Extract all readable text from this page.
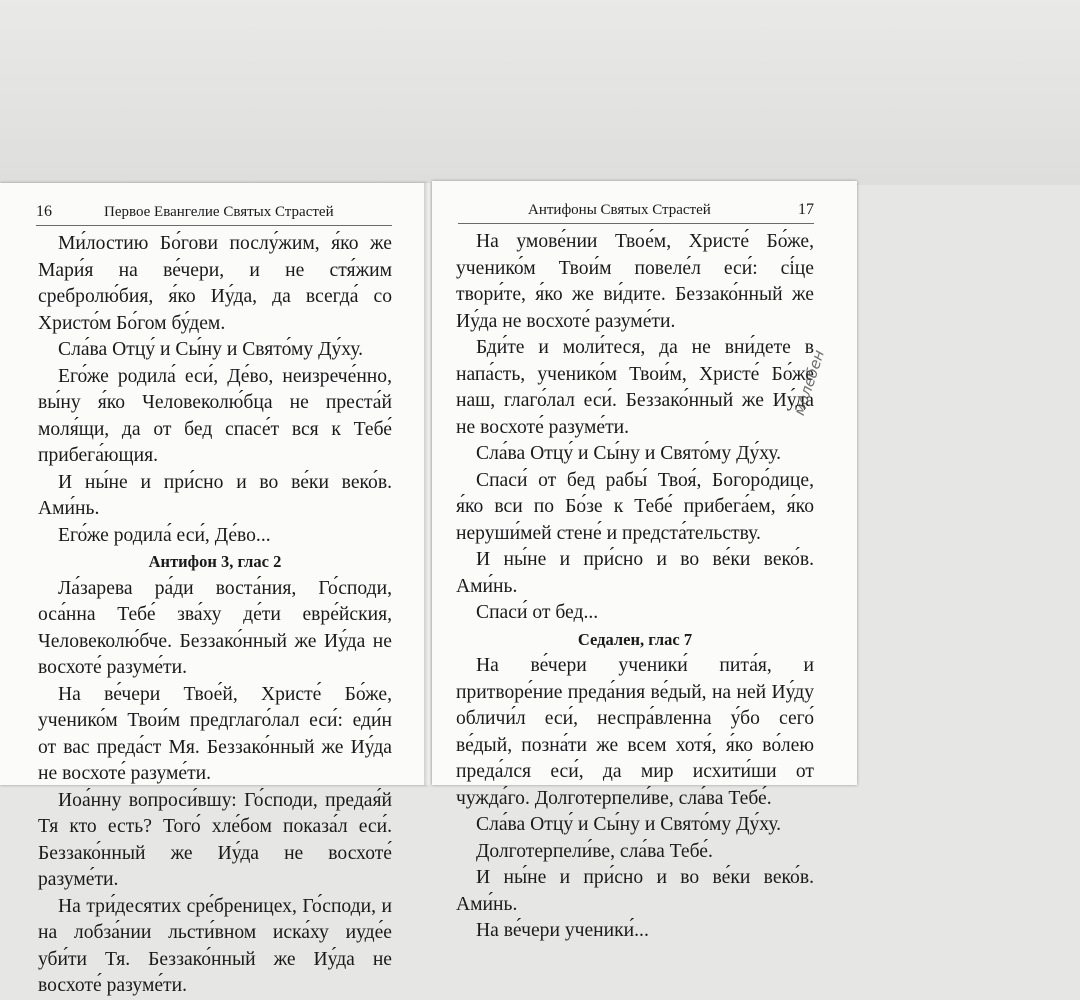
16	Первое Евангелие Святых Страстей

Ми́лостию Бо́гови послу́жим, я́ко же Мари́я на ве́чери, и не стя́жим сребролю́бия, я́ко Иу́да, да всегда́ со Христо́м Бо́гом бу́дем.

Сла́ва Отцу́ и Сы́ну и Свято́му Ду́ху.

Его́же родила́ еси́, Де́во, неизрече́нно, вы́ну я́ко Человеколю́бца не преста́й моля́щи, да от бед спасе́т вся к Тебе́ прибега́ющия.

И ны́не и при́сно и во ве́ки веко́в. Ами́нь.

Его́же родила́ еси́, Де́во...

Антифон 3, глас 2

Ла́зарева ра́ди воста́ния, Го́споди, оса́нна Тебе́ зва́ху де́ти евре́йския, Человеколю́бче. Беззако́нный же Иу́да не восхоте́ разуме́ти.

На ве́чери Твое́й, Христе́ Бо́же, ученико́м Твои́м предглаго́лал еси́: еди́н от вас преда́ст Мя. Беззако́нный же Иу́да не восхоте́ разуме́ти.

Иоа́нну вопроси́вшу: Го́споди, предая́й Тя кто есть? Того́ хле́бом показа́л еси́. Беззако́нный же Иу́да не восхоте́ разуме́ти.

На три́десятих сре́бреницех, Го́споди, и на лобза́нии льсти́вном иска́ху иуде́е уби́ти Тя. Беззако́нный же Иу́да не восхоте́ разуме́ти.

Антифоны Святых Страстей	17

На умове́нии Твое́м, Христе́ Бо́же, ученико́м Твои́м повеле́л еси́: сі́це твори́те, я́ко же ви́дите. Беззако́нный же Иу́да не восхоте́ разуме́ти.

Бди́те и моли́теся, да не вни́дете в напа́сть, ученико́м Твои́м, Христе́ Бо́же наш, глаго́лал еси́. Беззако́нный же Иу́да не восхоте́ разуме́ти.

Сла́ва Отцу́ и Сы́ну и Свято́му Ду́ху.

Спаси́ от бед рабы́ Твоя́, Богоро́дице, я́ко вси по Бо́зе к Тебе́ прибега́ем, я́ко неруши́мей стене́ и предста́тельству.

И ны́не и при́сно и во ве́ки веко́в. Ами́нь.

Спаси́ от бед...

Седален, глас 7

На ве́чери ученики́ пита́я, и притворе́ние преда́ния ве́дый, на ней Иу́ду обличи́л еси́, неспра́вленна у́бо сего́ ве́дый, позна́ти же всем хотя́, я́ко во́лею преда́лся еси́, да мир исхити́ши от чужда́го. Долготерпели́ве, сла́ва Тебе́.

Сла́ва Отцу́ и Сы́ну и Свято́му Ду́ху.

Долготерпели́ве, сла́ва Тебе́.

И ны́не и при́сно и во ве́ки веко́в. Ами́нь.

На ве́чери ученики́...

молебен
